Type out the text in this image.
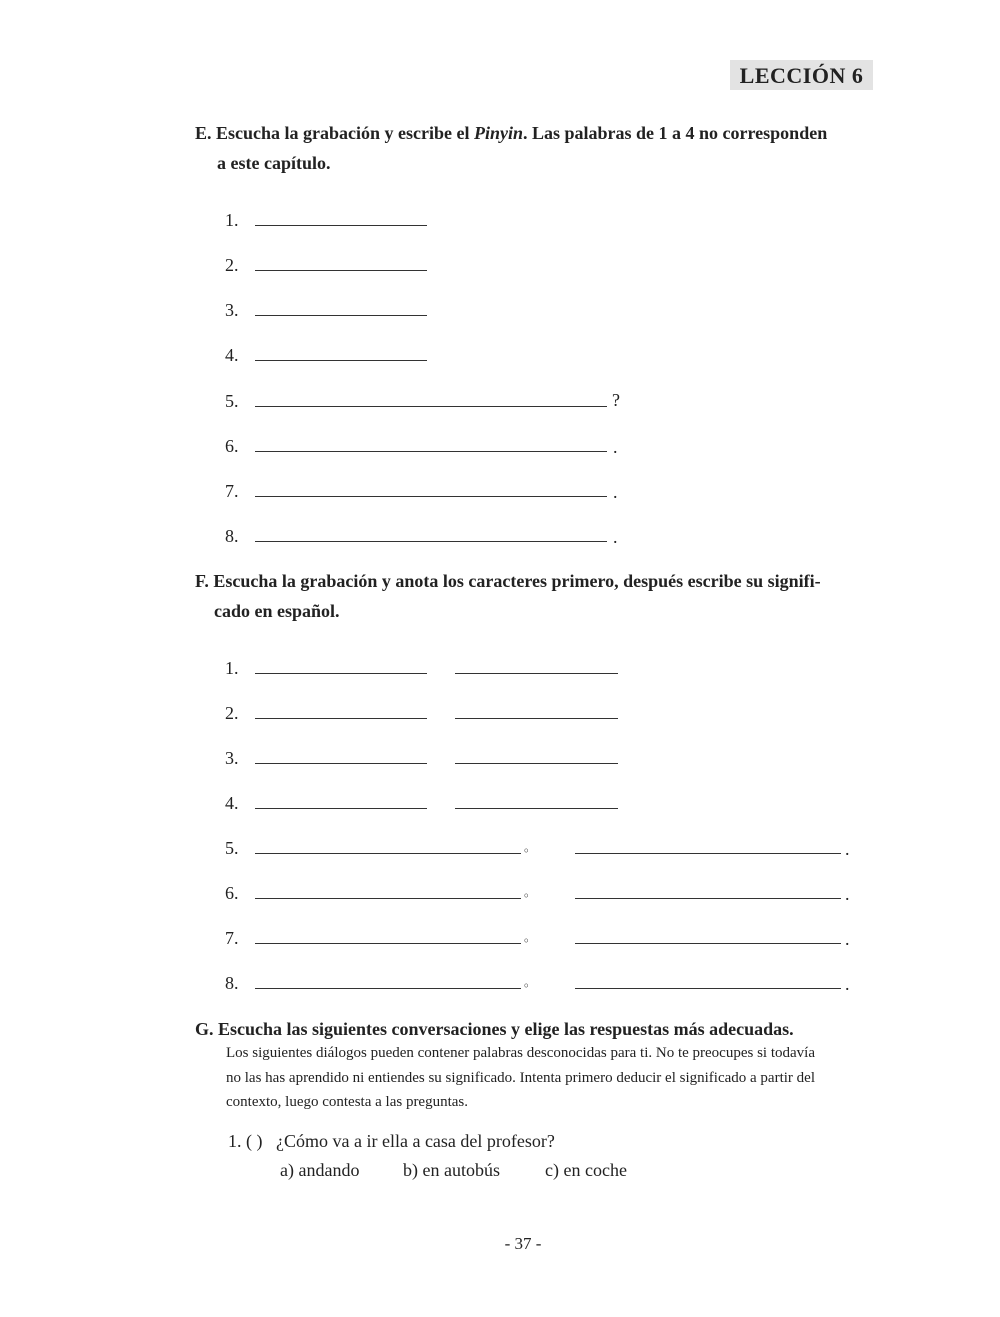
LECCIÓN 6
E. Escucha la grabación y escribe el Pinyin. Las palabras de 1 a 4 no corresponden
a este capítulo.
1.
2.
3.
4.
5.	?
6.	.
7.	.
8.	.
F. Escucha la grabación y anota los caracteres primero, después escribe su signifi-
cado en español.
1.
2.
3.
4.
5.	。	.
6.	。	.
7.	。	.
8.	。	.
G. Escucha las siguientes conversaciones y elige las respuestas más adecuadas.
Los siguientes diálogos pueden contener palabras desconocidas para ti. No te preocupes si todavía
no las has aprendido ni entiendes su significado. Intenta primero deducir el significado a partir del
contexto, luego contesta a las preguntas.
1. ( ) ¿Cómo va a ir ella a casa del profesor?
a) andando b) en autobús	c) en coche
- 37 -
